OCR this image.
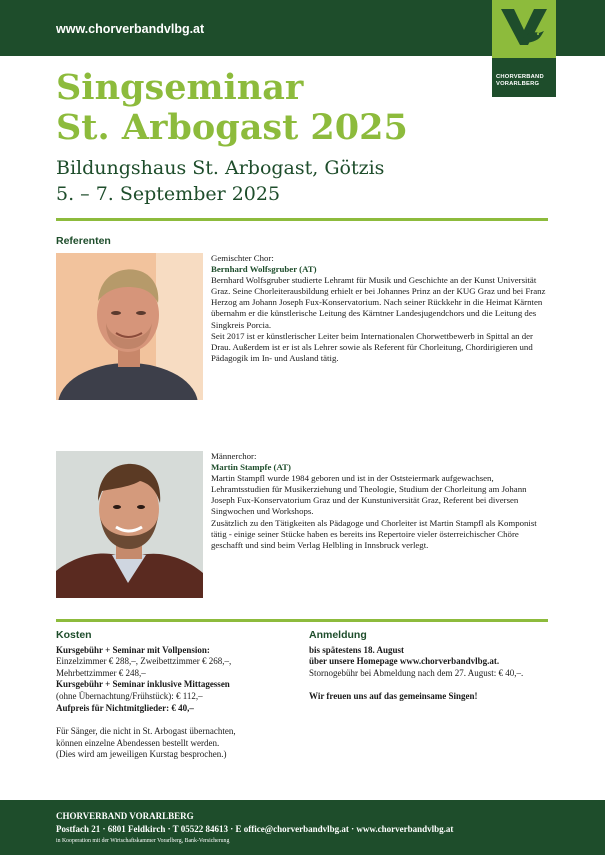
www.chorverbandvlbg.at
CHORVERBAND
VORARLBERG
Singseminar
St. Arbogast 2025
Bildungshaus St. Arbogast, Götzis
5. – 7. September 2025
Referenten
Gemischter Chor:
Bernhard Wolfsgruber (AT)
Bernhard Wolfsgruber studierte Lehramt für Musik und Geschichte an der Kunst Universität Graz. Seine Chorleiterausbildung erhielt er bei Johannes Prinz an der KUG Graz und bei Franz Herzog am Johann Joseph Fux-Konservatorium. Nach seiner Rückkehr in die Heimat Kärnten übernahm er die künstlerische Leitung des Kärntner Landesjugendchors und die Leitung des Singkreis Porcia.
Seit 2017 ist er künstlerischer Leiter beim Internationalen Chorwettbewerb in Spittal an der Drau. Außerdem ist er ist als Lehrer sowie als Referent für Chorleitung, Chordirigieren und Pädagogik im In- und Ausland tätig.
Männerchor:
Martin Stampfe (AT)
Martin Stampfl wurde 1984 geboren und ist in der Oststeiermark aufgewachsen, Lehramtsstudien für Musikerziehung und Theologie, Studium der Chorleitung am Johann Joseph Fux-Konservatorium Graz und der Kunstuniversität Graz, Referent bei diversen Singwochen und Workshops.
Zusätzlich zu den Tätigkeiten als Pädagoge und Chorleiter ist Martin Stampfl als Komponist tätig - einige seiner Stücke haben es bereits ins Repertoire vieler österreichischer Chöre geschafft und sind beim Verlag Helbling in Innsbruck verlegt.
Kosten
Kursgebühr + Seminar mit Vollpension:
Einzelzimmer € 288,–, Zweibettzimmer € 268,–,
Mehrbettzimmer € 248,–
Kursgebühr + Seminar inklusive Mittagessen
(ohne Übernachtung/Frühstück): € 112,–
Aufpreis für Nichtmitglieder: € 40,–
Für Sänger, die nicht in St. Arbogast übernachten,
können einzelne Abendessen bestellt werden.
(Dies wird am jeweiligen Kurstag besprochen.)
Anmeldung
bis spätestens 18. August
über unsere Homepage www.chorverbandvlbg.at.
Stornogebühr bei Abmeldung nach dem 27. August: € 40,–.
Wir freuen uns auf das gemeinsame Singen!
CHORVERBAND VORARLBERG
Postfach 21 · 6801 Feldkirch · T 05522 84613 · E office@chorverbandvlbg.at · www.chorverbandvlbg.at
in Kooperation mit der Wirtschaftskammer Vorarlberg, Bank-Versicherung
